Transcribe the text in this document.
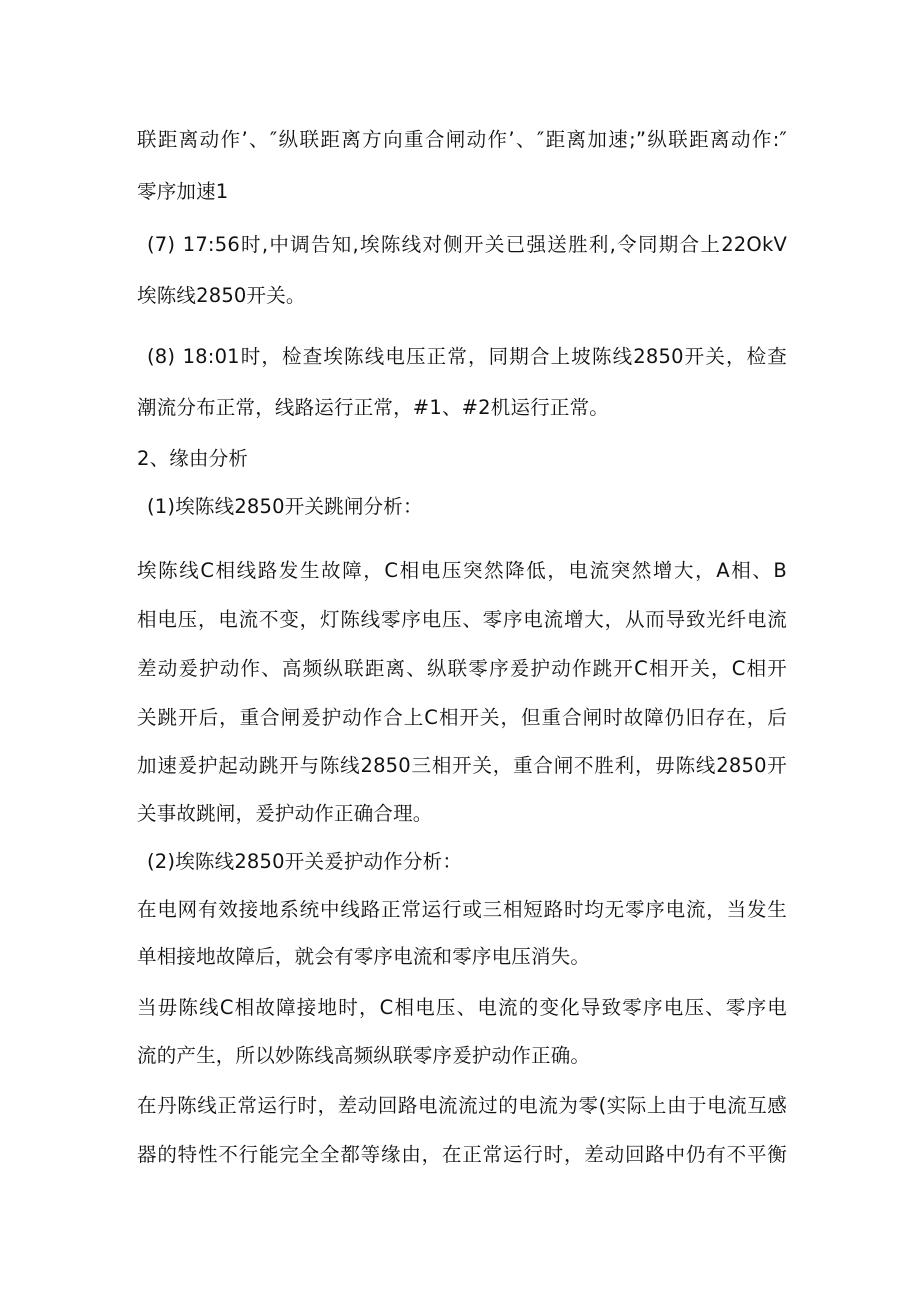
联距离动作’、″纵联距离方向重合闸动作’、″距离加速;”纵联距离动作:″
零序加速1
(7) 17:56时,中调告知,埃陈线对侧开关已强送胜利,令同期合上22OkV
埃陈线2850开关。
(8) 18:01时，检查埃陈线电压正常，同期合上坡陈线2850开关，检查
潮流分布正常，线路运行正常，#1、#2机运行正常。
2、缘由分析
(1)埃陈线2850开关跳闸分析：
埃陈线C相线路发生故障，C相电压突然降低，电流突然增大，A相、B
相电压，电流不变，灯陈线零序电压、零序电流增大，从而导致光纤电流
差动爰护动作、高频纵联距离、纵联零序爰护动作跳开C相开关，C相开
关跳开后，重合闸爰护动作合上C相开关，但重合闸时故障仍旧存在，后
加速爰护起动跳开与陈线2850三相开关，重合闸不胜利，毋陈线2850开
关事故跳闸，爰护动作正确合理。
(2)埃陈线2850开关爰护动作分析：
在电网有效接地系统中线路正常运行或三相短路时均无零序电流，当发生
单相接地故障后，就会有零序电流和零序电压消失。
当毋陈线C相故障接地时，C相电压、电流的变化导致零序电压、零序电
流的产生，所以妙陈线高频纵联零序爰护动作正确。
在丹陈线正常运行时，差动回路电流流过的电流为零(实际上由于电流互感
器的特性不行能完全全都等缘由，在正常运行时，差动回路中仍有不平衡
